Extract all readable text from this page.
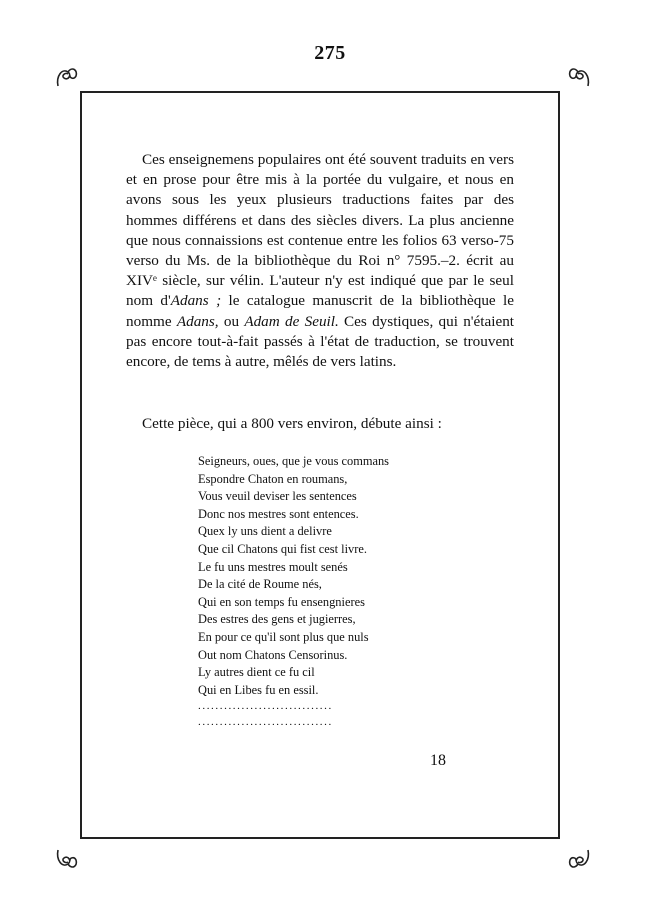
275

Ces enseignemens populaires ont été souvent traduits en vers et en prose pour être mis à la portée du vulgaire, et nous en avons sous les yeux plusieurs traductions faites par des hommes différens et dans des siècles divers. La plus ancienne que nous connaissions est contenue entre les folios 63 verso-75 verso du Ms. de la bibliothèque du Roi n° 7595.–2. écrit au XIVᵉ siècle, sur vélin. L'auteur n'y est indiqué que par le seul nom d'Adans ; le catalogue manuscrit de la bibliothèque le nomme Adans, ou Adam de Seuil. Ces dystiques, qui n'étaient pas encore tout-à-fait passés à l'état de traduction, se trouvent encore, de tems à autre, mêlés de vers latins.

Cette pièce, qui a 800 vers environ, débute ainsi :

Seigneurs, oues, que je vous commans
Espondre Chaton en roumans,
Vous veuil deviser les sentences
Donc nos mestres sont entences.
Quex ly uns dient a delivre
Que cil Chatons qui fist cest livre.
Le fu uns mestres moult senés
De la cité de Roume nés,
Qui en son temps fu ensengnieres
Des estres des gens et jugierres,
En pour ce qu'il sont plus que nuls
Out nom Chatons Censorinus.
Ly autres dient ce fu cil
Qui en Libes fu en essil.
...............................
...............................
18
